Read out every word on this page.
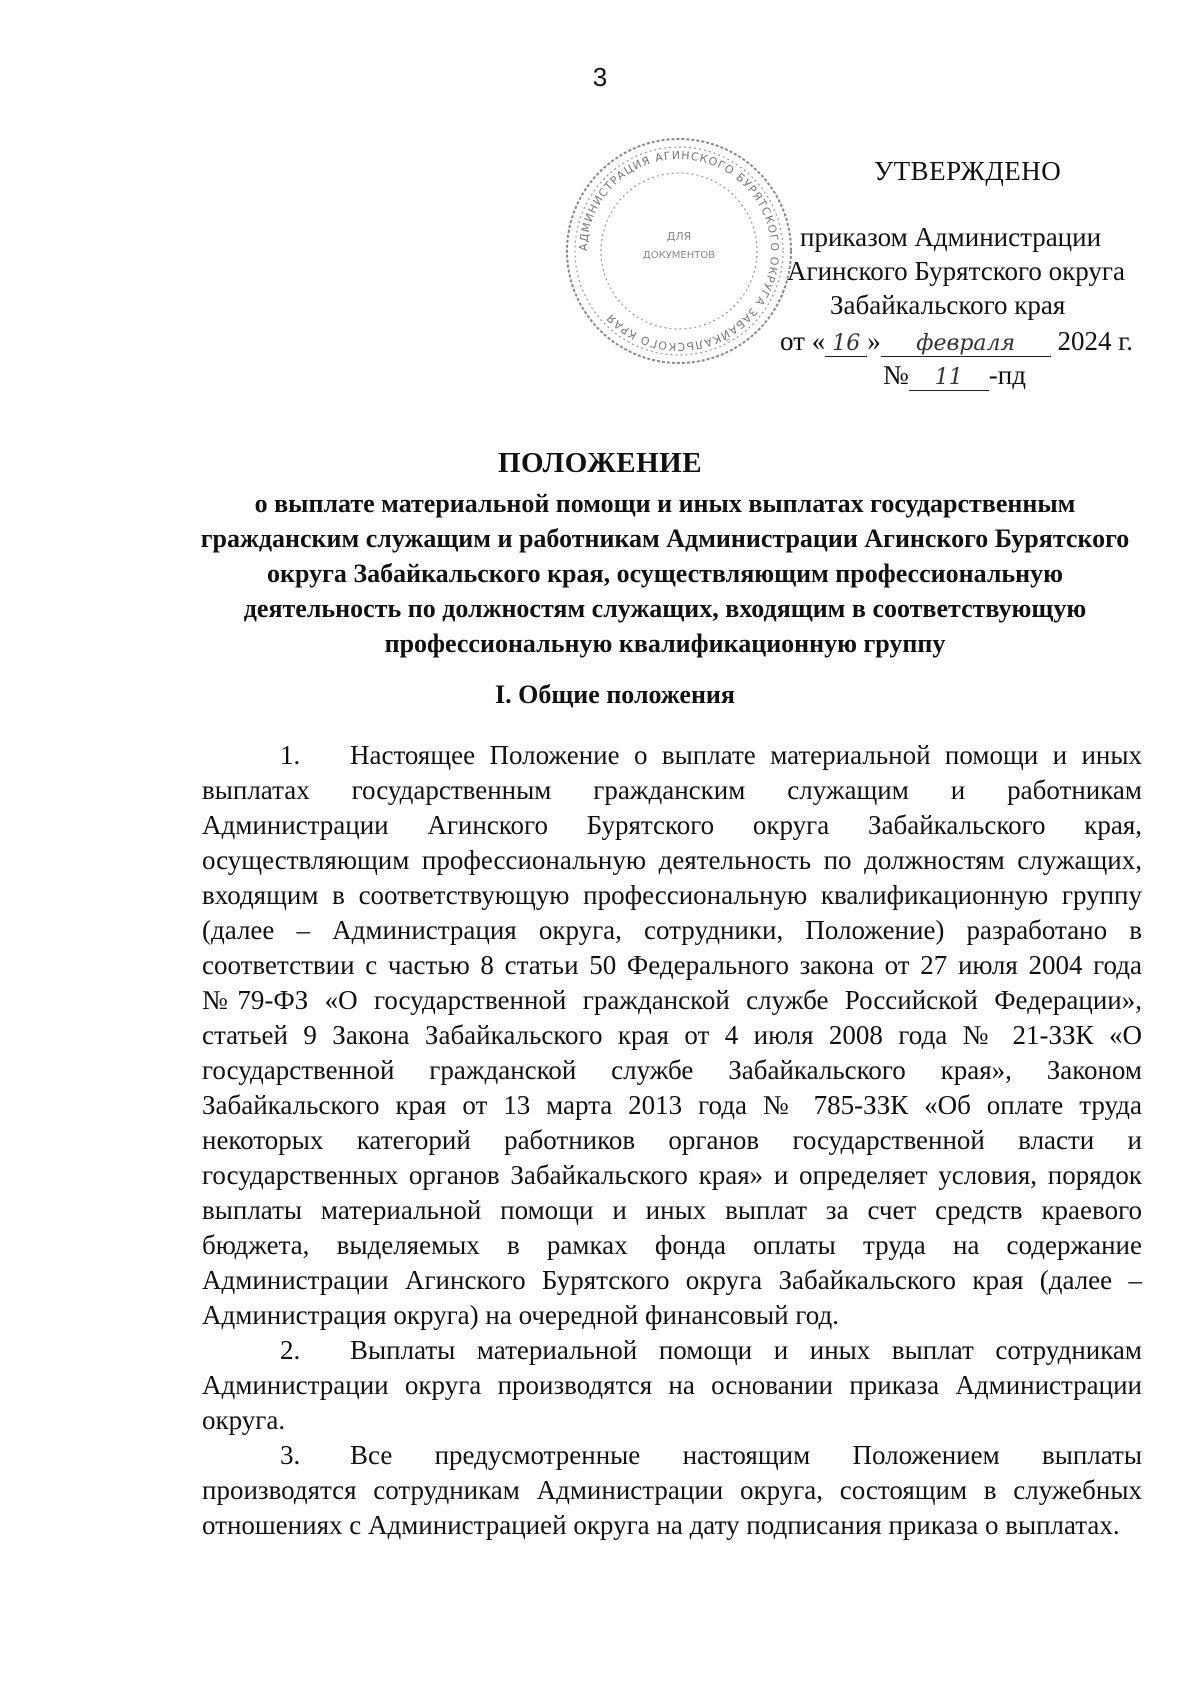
3
АДМИНИСТРАЦИЯ АГИНСКОГО БУРЯТСКОГО ОКРУГА ЗАБАЙКАЛЬСКОГО КРАЯ
ДЛЯ
ДОКУМЕНТОВ
УТВЕРЖДЕНО
приказом Администрации
Агинского Бурятского округа
Забайкальского края
от « 16 » февраля 2024 г.
№ 11 -пд
ПОЛОЖЕНИЕ
о выплате материальной помощи и иных выплатах государственным гражданским служащим и работникам Администрации Агинского Бурятского округа Забайкальского края, осуществляющим профессиональную деятельность по должностям служащих, входящим в соответствующую профессиональную квалификационную группу
I. Общие положения

1. Настоящее Положение о выплате материальной помощи и иных выплатах государственным гражданским служащим и работникам Администрации Агинского Бурятского округа Забайкальского края, осуществляющим профессиональную деятельность по должностям служащих, входящим в соответствующую профессиональную квалификационную группу (далее – Администрация округа, сотрудники, Положение) разработано в соответствии с частью 8 статьи 50 Федерального закона от 27 июля 2004 года №79-ФЗ «О государственной гражданской службе Российской Федерации», статьей 9 Закона Забайкальского края от 4 июля 2008 года № 21-ЗЗК «О государственной гражданской службе Забайкальского края», Законом Забайкальского края от 13 марта 2013 года № 785-ЗЗК «Об оплате труда некоторых категорий работников органов государственной власти и государственных органов Забайкальского края» и определяет условия, порядок выплаты материальной помощи и иных выплат за счет средств краевого бюджета, выделяемых в рамках фонда оплаты труда на содержание Администрации Агинского Бурятского округа Забайкальского края (далее – Администрация округа) на очередной финансовый год.

2. Выплаты материальной помощи и иных выплат сотрудникам Администрации округа производятся на основании приказа Администрации округа.

3. Все предусмотренные настоящим Положением выплаты производятся сотрудникам Администрации округа, состоящим в служебных отношениях с Администрацией округа на дату подписания приказа о выплатах.
